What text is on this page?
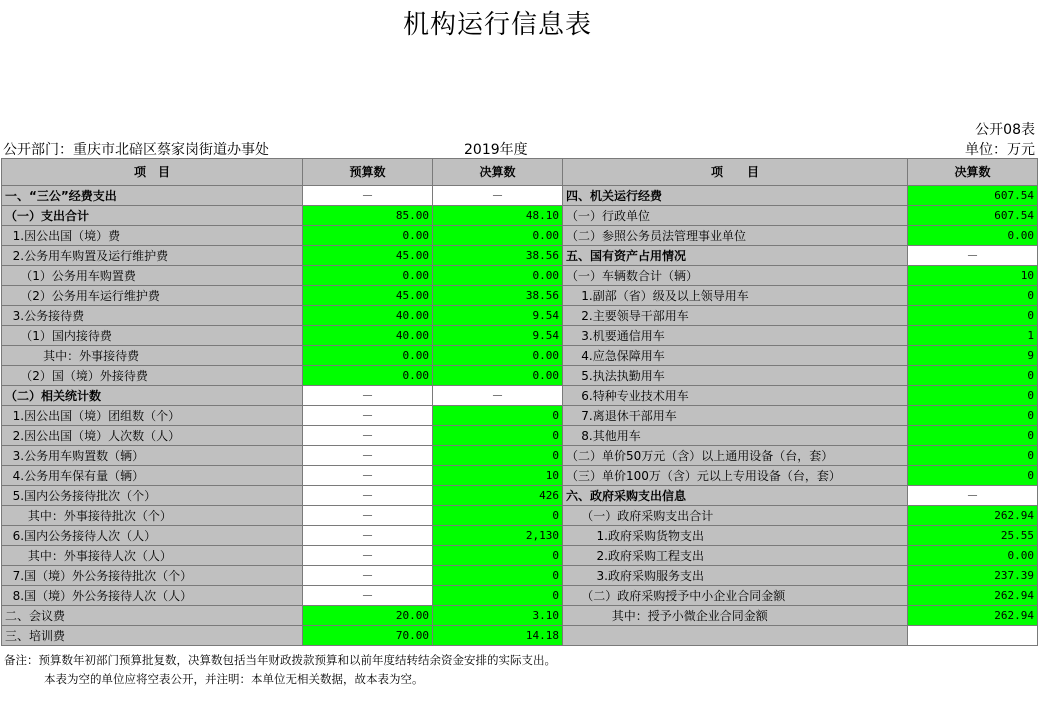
机构运行信息表
公开08表
公开部门：重庆市北碚区蔡家岗街道办事处	2019年度	单位：万元
项　目	预算数	决算数	项　　目	决算数
一、“三公”经费支出	－	－	四、机关运行经费	607.54
（一）支出合计	85.00	48.10	（一）行政单位	607.54
1.因公出国（境）费	0.00	0.00	（二）参照公务员法管理事业单位	0.00
2.公务用车购置及运行维护费	45.00	38.56	五、国有资产占用情况	－
（1）公务用车购置费	0.00	0.00	（一）车辆数合计（辆）	10
（2）公务用车运行维护费	45.00	38.56	1.副部（省）级及以上领导用车	0
3.公务接待费	40.00	9.54	2.主要领导干部用车	0
（1）国内接待费	40.00	9.54	3.机要通信用车	1
其中：外事接待费	0.00	0.00	4.应急保障用车	9
（2）国（境）外接待费	0.00	0.00	5.执法执勤用车	0
（二）相关统计数	－	－	6.特种专业技术用车	0
1.因公出国（境）团组数（个）	－	0	7.离退休干部用车	0
2.因公出国（境）人次数（人）	－	0	8.其他用车	0
3.公务用车购置数（辆）	－	0	（二）单价50万元（含）以上通用设备（台，套）	0
4.公务用车保有量（辆）	－	10	（三）单价100万（含）元以上专用设备（台，套）	0
5.国内公务接待批次（个）	－	426	六、政府采购支出信息	－
其中：外事接待批次（个）	－	0	（一）政府采购支出合计	262.94
6.国内公务接待人次（人）	－	2,130	1.政府采购货物支出	25.55
其中：外事接待人次（人）	－	0	2.政府采购工程支出	0.00
7.国（境）外公务接待批次（个）	－	0	3.政府采购服务支出	237.39
8.国（境）外公务接待人次（人）	－	0	（二）政府采购授予中小企业合同金额	262.94
二、会议费	20.00	3.10	其中：授予小微企业合同金额	262.94
三、培训费	70.00	14.18		
备注：预算数年初部门预算批复数，决算数包括当年财政拨款预算和以前年度结转结余资金安排的实际支出。
本表为空的单位应将空表公开，并注明：本单位无相关数据，故本表为空。
